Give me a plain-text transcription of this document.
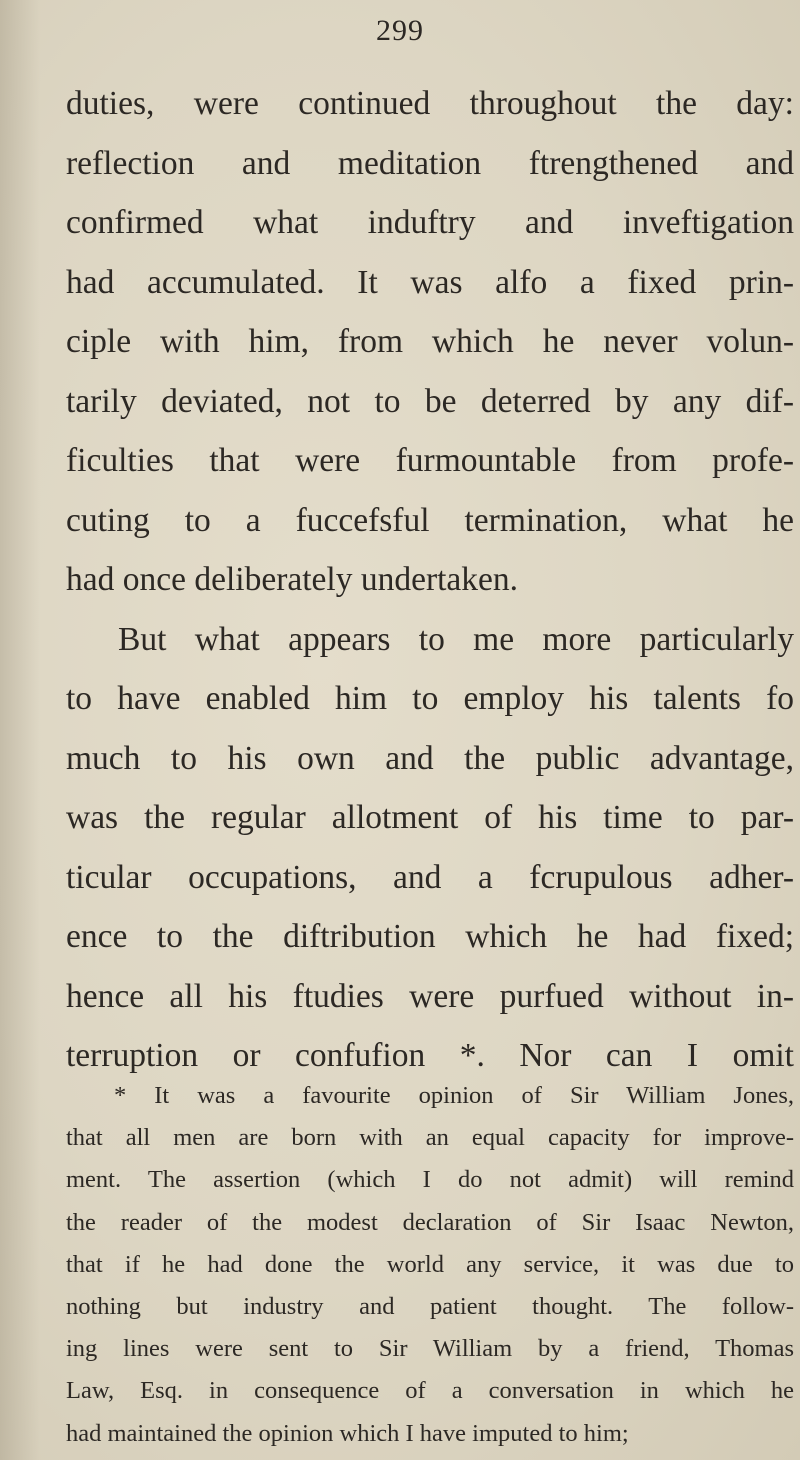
299
duties, were continued throughout the day:
reflection and meditation ftrengthened and
confirmed what induftry and inveftigation
had accumulated. It was alfo a fixed prin-
ciple with him, from which he never volun-
tarily deviated, not to be deterred by any dif-
ficulties that were furmountable from profe-
cuting to a fuccefsful termination, what he
had once deliberately undertaken.
But what appears to me more particularly
to have enabled him to employ his talents fo
much to his own and the public advantage,
was the regular allotment of his time to par-
ticular occupations, and a fcrupulous adher-
ence to the diftribution which he had fixed;
hence all his ftudies were purfued without in-
terruption or confufion *. Nor can I omit
* It was a favourite opinion of Sir William Jones,
that all men are born with an equal capacity for improve-
ment. The assertion (which I do not admit) will remind
the reader of the modest declaration of Sir Isaac Newton,
that if he had done the world any service, it was due to
nothing but industry and patient thought. The follow-
ing lines were sent to Sir William by a friend, Thomas
Law, Esq. in consequence of a conversation in which he
had maintained the opinion which I have imputed to him;
